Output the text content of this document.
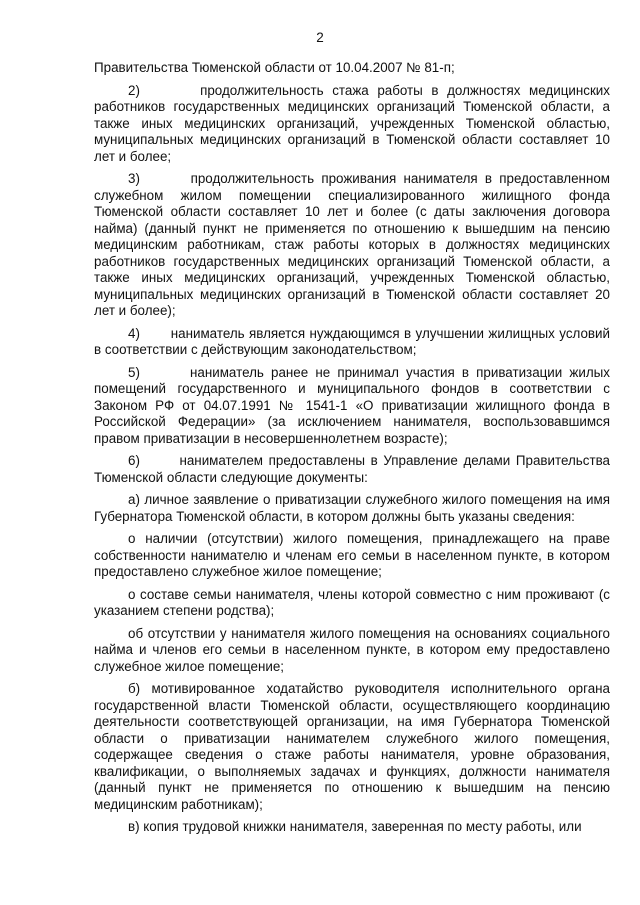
2

Правительства Тюменской области от 10.04.2007 № 81-п;

2)       продолжительность стажа работы в должностях медицинских работников государственных медицинских организаций Тюменской области, а также иных медицинских организаций, учрежденных Тюменской областью, муниципальных медицинских организаций в Тюменской области составляет 10 лет и более;

3)       продолжительность проживания нанимателя в предоставленном служебном жилом помещении специализированного жилищного фонда Тюменской области составляет 10 лет и более (с даты заключения договора найма) (данный пункт не применяется по отношению к вышедшим на пенсию медицинским работникам, стаж работы которых в должностях медицинских работников государственных медицинских организаций Тюменской области, а также иных медицинских организаций, учрежденных Тюменской областью, муниципальных медицинских организаций в Тюменской области составляет 20 лет и более);

4)       наниматель является нуждающимся в улучшении жилищных условий в соответствии с действующим законодательством;

5)       наниматель ранее не принимал участия в приватизации жилых помещений государственного и муниципального фондов в соответствии с Законом РФ от 04.07.1991 № 1541-1 «О приватизации жилищного фонда в Российской Федерации» (за исключением нанимателя, воспользовавшимся правом приватизации в несовершеннолетнем возрасте);

6)       нанимателем предоставлены в Управление делами Правительства Тюменской области следующие документы:

а) личное заявление о приватизации служебного жилого помещения на имя Губернатора Тюменской области, в котором должны быть указаны сведения:

о наличии (отсутствии) жилого помещения, принадлежащего на праве собственности нанимателю и членам его семьи в населенном пункте, в котором предоставлено служебное жилое помещение;

о составе семьи нанимателя, члены которой совместно с ним проживают (с указанием степени родства);

об отсутствии у нанимателя жилого помещения на основаниях социального найма и членов его семьи в населенном пункте, в котором ему предоставлено служебное жилое помещение;

б) мотивированное ходатайство руководителя исполнительного органа государственной власти Тюменской области, осуществляющего координацию деятельности соответствующей организации, на имя Губернатора Тюменской области о приватизации нанимателем служебного жилого помещения, содержащее сведения о стаже работы нанимателя, уровне образования, квалификации, о выполняемых задачах и функциях, должности нанимателя (данный пункт не применяется по отношению к вышедшим на пенсию медицинским работникам);

в) копия трудовой книжки нанимателя, заверенная по месту работы, или
